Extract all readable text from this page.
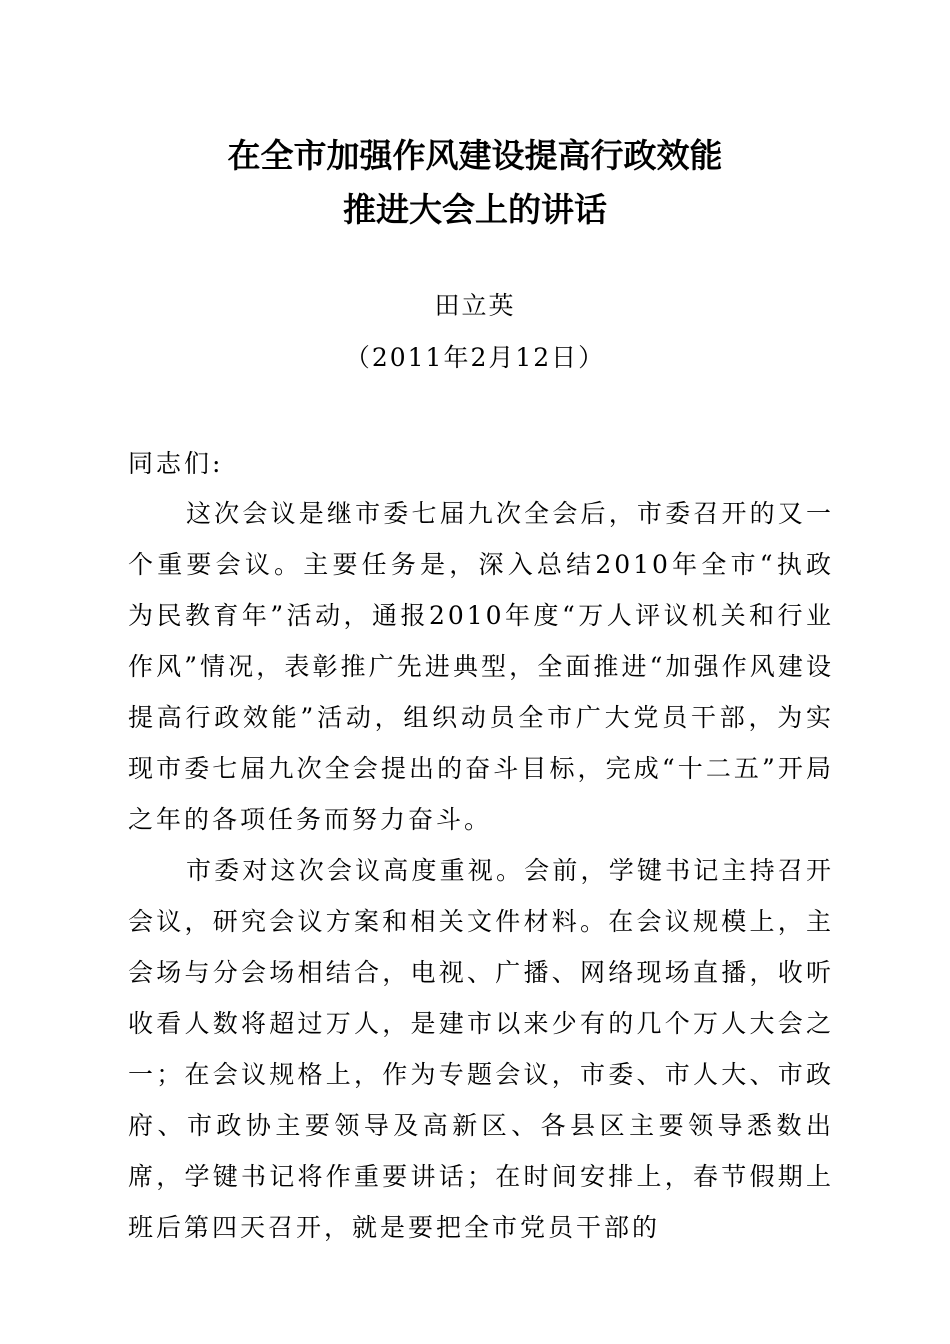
在全市加强作风建设提高行政效能
推进大会上的讲话
田立英
（2011年2月12日）
同志们:

这次会议是继市委七届九次全会后，市委召开的又一个重要会议。主要任务是，深入总结2010年全市“执政为民教育年”活动，通报2010年度“万人评议机关和行业作风”情况，表彰推广先进典型，全面推进“加强作风建设提高行政效能”活动，组织动员全市广大党员干部，为实现市委七届九次全会提出的奋斗目标，完成“十二五”开局之年的各项任务而努力奋斗。

市委对这次会议高度重视。会前，学键书记主持召开会议，研究会议方案和相关文件材料。在会议规模上，主会场与分会场相结合，电视、广播、网络现场直播，收听收看人数将超过万人，是建市以来少有的几个万人大会之一；在会议规格上，作为专题会议，市委、市人大、市政府、市政协主要领导及高新区、各县区主要领导悉数出席，学键书记将作重要讲话；在时间安排上，春节假期上班后第四天召开，就是要把全市党员干部的
